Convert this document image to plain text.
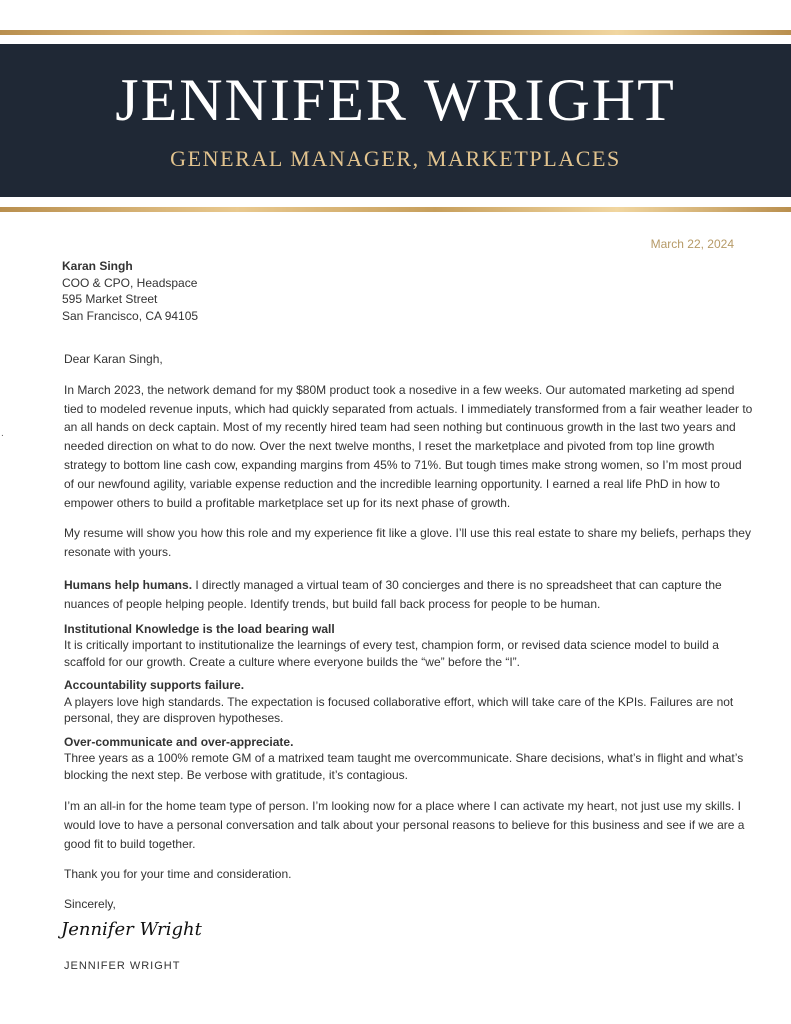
JENNIFER WRIGHT
GENERAL MANAGER, MARKETPLACES
.
March 22, 2024
Karan Singh
COO & CPO, Headspace
595 Market Street
San Francisco, CA 94105

Dear Karan Singh,

In March 2023, the network demand for my $80M product took a nosedive in a few weeks. Our automated marketing ad spend tied to modeled revenue inputs, which had quickly separated from actuals. I immediately transformed from a fair weather leader to an all hands on deck captain. Most of my recently hired team had seen nothing but continuous growth in the last two years and needed direction on what to do now. Over the next twelve months, I reset the marketplace and pivoted from top line growth strategy to bottom line cash cow, expanding margins from 45% to 71%. But tough times make strong women, so I’m most proud of our newfound agility, variable expense reduction and the incredible learning opportunity. I earned a real life PhD in how to empower others to build a profitable marketplace set up for its next phase of growth.

My resume will show you how this role and my experience fit like a glove. I’ll use this real estate to share my beliefs, perhaps they resonate with yours.

Humans help humans. I directly managed a virtual team of 30 concierges and there is no spreadsheet that can capture the nuances of people helping people. Identify trends, but build fall back process for people to be human.

Institutional Knowledge is the load bearing wall
It is critically important to institutionalize the learnings of every test, champion form, or revised data science model to build a scaffold for our growth. Create a culture where everyone builds the “we” before the “I”.
Accountability supports failure.
A players love high standards. The expectation is focused collaborative effort, which will take care of the KPIs. Failures are not personal, they are disproven hypotheses.
Over-communicate and over-appreciate.
Three years as a 100% remote GM of a matrixed team taught me overcommunicate. Share decisions, what’s in flight and what’s blocking the next step. Be verbose with gratitude, it’s contagious.

I’m an all-in for the home team type of person. I’m looking now for a place where I can activate my heart, not just use my skills. I would love to have a personal conversation and talk about your personal reasons to believe for this business and see if we are a good fit to build together.

Thank you for your time and consideration.

Sincerely,
Jennifer Wright
JENNIFER WRIGHT
